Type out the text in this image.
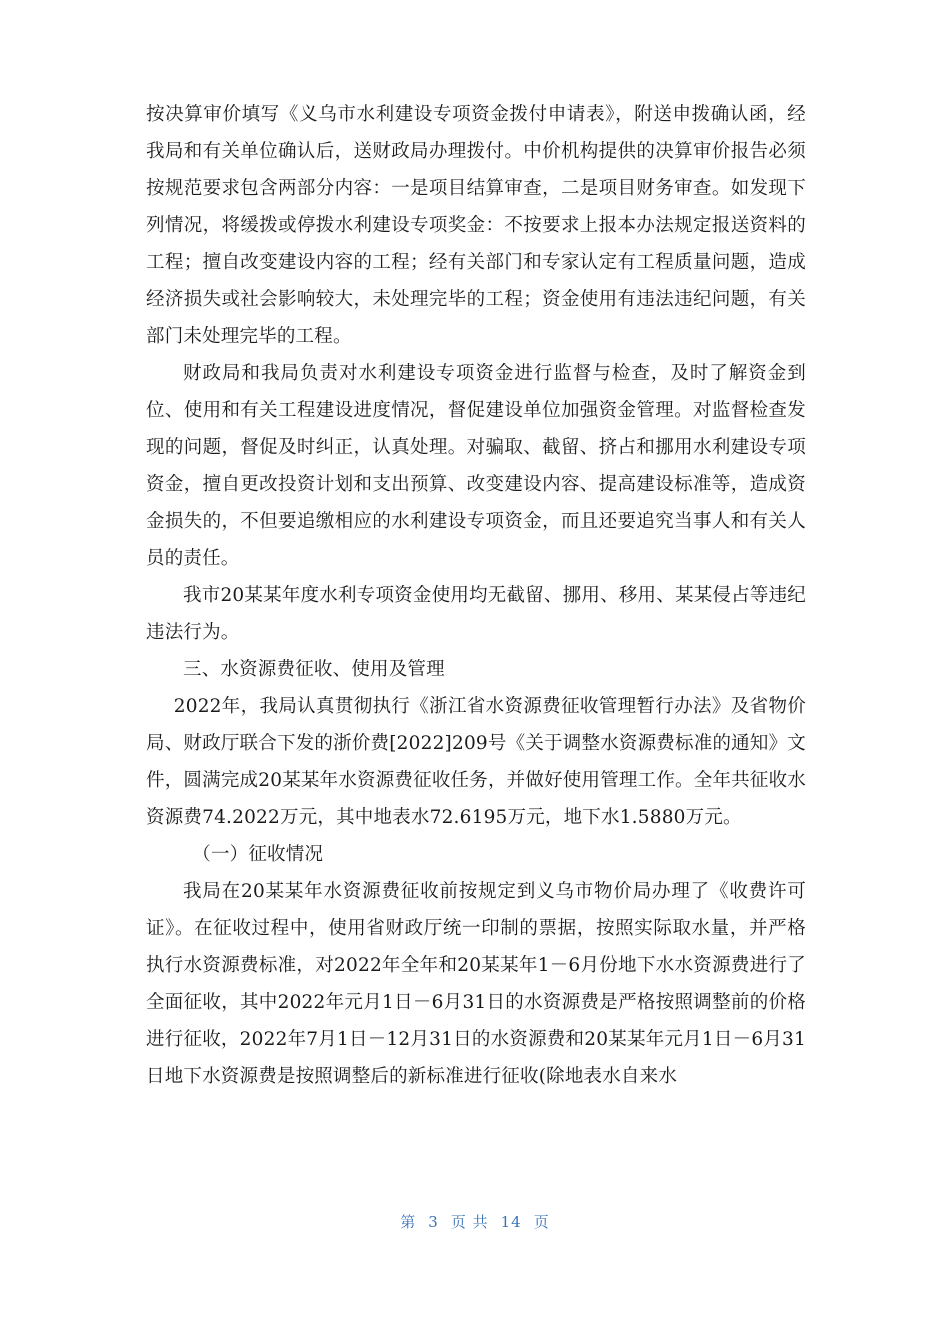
按决算审价填写《义乌市水利建设专项资金拨付申请表》，附送申拨确认函，经我局和有关单位确认后，送财政局办理拨付。中价机构提供的决算审价报告必须按规范要求包含两部分内容：一是项目结算审查，二是项目财务审查。如发现下列情况，将缓拨或停拨水利建设专项奖金：不按要求上报本办法规定报送资料的工程；擅自改变建设内容的工程；经有关部门和专家认定有工程质量问题，造成经济损失或社会影响较大，未处理完毕的工程；资金使用有违法违纪问题，有关部门未处理完毕的工程。

财政局和我局负责对水利建设专项资金进行监督与检查，及时了解资金到位、使用和有关工程建设进度情况，督促建设单位加强资金管理。对监督检查发现的问题，督促及时纠正，认真处理。对骗取、截留、挤占和挪用水利建设专项资金，擅自更改投资计划和支出预算、改变建设内容、提高建设标准等，造成资金损失的，不但要追缴相应的水利建设专项资金，而且还要追究当事人和有关人员的责任。

我市20某某年度水利专项资金使用均无截留、挪用、移用、某某侵占等违纪违法行为。

三、水资源费征收、使用及管理

2022年，我局认真贯彻执行《浙江省水资源费征收管理暂行办法》及省物价局、财政厅联合下发的浙价费[2022]209号《关于调整水资源费标准的通知》文件，圆满完成20某某年水资源费征收任务，并做好使用管理工作。全年共征收水资源费74.2022万元，其中地表水72.6195万元，地下水1.5880万元。

（一）征收情况

我局在20某某年水资源费征收前按规定到义乌市物价局办理了《收费许可证》。在征收过程中，使用省财政厅统一印制的票据，按照实际取水量，并严格执行水资源费标准，对2022年全年和20某某年1－6月份地下水水资源费进行了全面征收，其中2022年元月1日－6月31日的水资源费是严格按照调整前的价格进行征收，2022年7月1日－12月31日的水资源费和20某某年元月1日－6月31日地下水资源费是按照调整后的新标准进行征收(除地表水自来水

第 3 页 共 14 页
